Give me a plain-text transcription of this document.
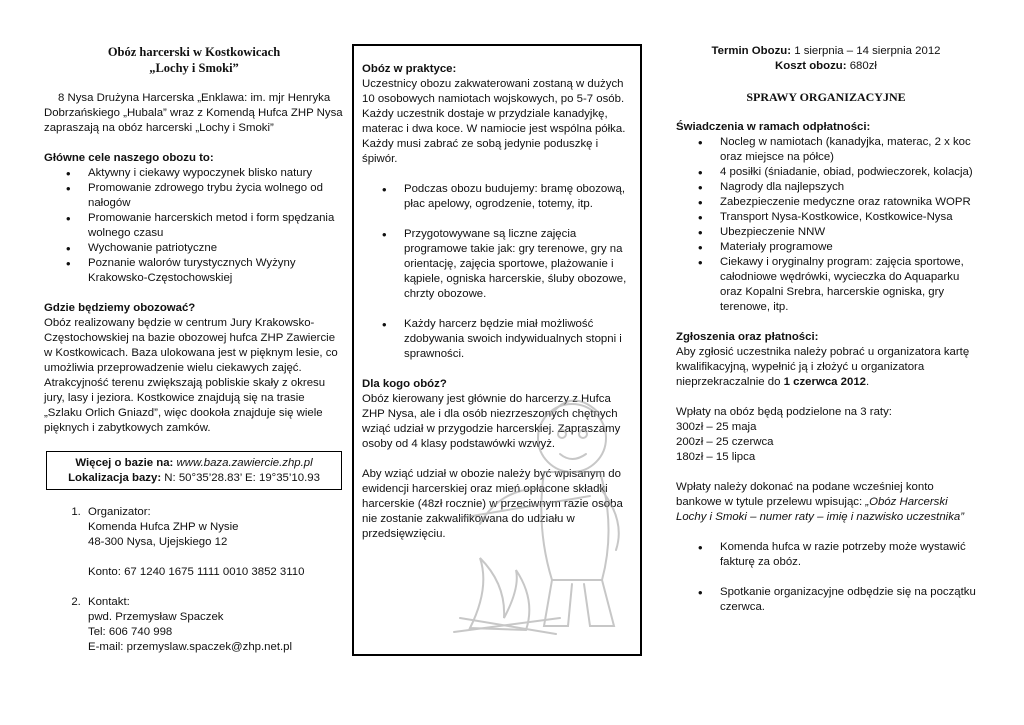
Obóz harcerski w Kostkowicach
„Lochy i Smoki”

8 Nysa Drużyna Harcerska „Enklawa: im. mjr Henryka Dobrzańskiego „Hubala” wraz z Komendą Hufca ZHP Nysa zapraszają na obóz harcerski „Lochy i Smoki”

Główne cele naszego obozu to:

• Aktywny i ciekawy wypoczynek blisko natury
• Promowanie zdrowego trybu życia wolnego od nałogów
• Promowanie harcerskich metod i form spędzania wolnego czasu
• Wychowanie patriotyczne
• Poznanie walorów turystycznych Wyżyny Krakowsko-Częstochowskiej

Gdzie będziemy obozować?

Obóz realizowany będzie w centrum Jury Krakowsko-Częstochowskiej na bazie obozowej hufca ZHP Zawiercie w Kostkowicach. Baza ulokowana jest w pięknym lesie, co umożliwia przeprowadzenie wielu ciekawych zajęć. Atrakcyjność terenu zwiększają pobliskie skały z okresu jury, lasy i jeziora. Kostkowice znajdują się na trasie „Szlaku Orlich Gniazd”, więc dookoła znajduje się wiele pięknych i zabytkowych zamków.

Więcej o bazie na: www.baza.zawiercie.zhp.pl
Lokalizacja bazy: N: 50°35’28.83’ E: 19°35’10.93
1. Organizator:
Komenda Hufca ZHP w Nysie
48-300 Nysa, Ujejskiego 12
Konto: 67 1240 1675 1111 0010 3852 3110
2. Kontakt:
pwd. Przemysław Spaczek
Tel: 606 740 998
E-mail: przemyslaw.spaczek@zhp.net.pl

Obóz w praktyce:

Uczestnicy obozu zakwaterowani zostaną w dużych 10 osobowych namiotach wojskowych, po 5-7 osób. Każdy uczestnik dostaje w przydziale kanadyjkę, materac i dwa koce. W namiocie jest wspólna półka. Każdy musi zabrać ze sobą jedynie poduszkę i śpiwór.

• Podczas obozu budujemy: bramę obozową, płac apelowy, ogrodzenie, totemy, itp.
• Przygotowywane są liczne zajęcia programowe takie jak: gry terenowe, gry na orientację, zajęcia sportowe, plażowanie i kąpiele, ogniska harcerskie, śluby obozowe, chrzty obozowe.
• Każdy harcerz będzie miał możliwość zdobywania swoich indywidualnych stopni i sprawności.

Dla kogo obóz?

Obóz kierowany jest głównie do harcerzy z Hufca ZHP Nysa, ale i dla osób niezrzeszonych chętnych wziąć udział w przygodzie harcerskiej. Zapraszamy osoby od 4 klasy podstawówki wzwyż.

Aby wziąć udział w obozie należy być wpisanym do ewidencji harcerskiej oraz mień opłacone składki harcerskie (48zł rocznie) w przeciwnym razie osoba nie zostanie zakwalifikowana do udziału w przedsięwzięciu.

Termin Obozu: 1 sierpnia – 14 sierpnia 2012
Koszt obozu: 680zł
SPRAWY ORGANIZACYJNE

Świadczenia w ramach odpłatności:

• Nocleg w namiotach (kanadyjka, materac, 2 x koc oraz miejsce na półce)
• 4 posiłki (śniadanie, obiad, podwieczorek, kolacja)
• Nagrody dla najlepszych
• Zabezpieczenie medyczne oraz ratownika WOPR
• Transport Nysa-Kostkowice, Kostkowice-Nysa
• Ubezpieczenie NNW
• Materiały programowe
• Ciekawy i oryginalny program: zajęcia sportowe, całodniowe wędrówki, wycieczka do Aquaparku oraz Kopalni Srebra, harcerskie ogniska, gry terenowe, itp.

Zgłoszenia oraz płatności:

Aby zgłosić uczestnika należy pobrać u organizatora kartę kwalifikacyjną, wypełnić ją i złożyć u organizatora nieprzekraczalnie do 1 czerwca 2012.

Wpłaty na obóz będą podzielone na 3 raty:

300zł – 25 maja

200zł – 25 czerwca

180zł – 15 lipca

Wpłaty należy dokonać na podane wcześniej konto bankowe w tytule przelewu wpisując: „Obóz Harcerski Lochy i Smoki – numer raty – imię i nazwisko uczestnika”

• Komenda hufca w razie potrzeby może wystawić fakturę za obóz.
• Spotkanie organizacyjne odbędzie się na początku czerwca.
